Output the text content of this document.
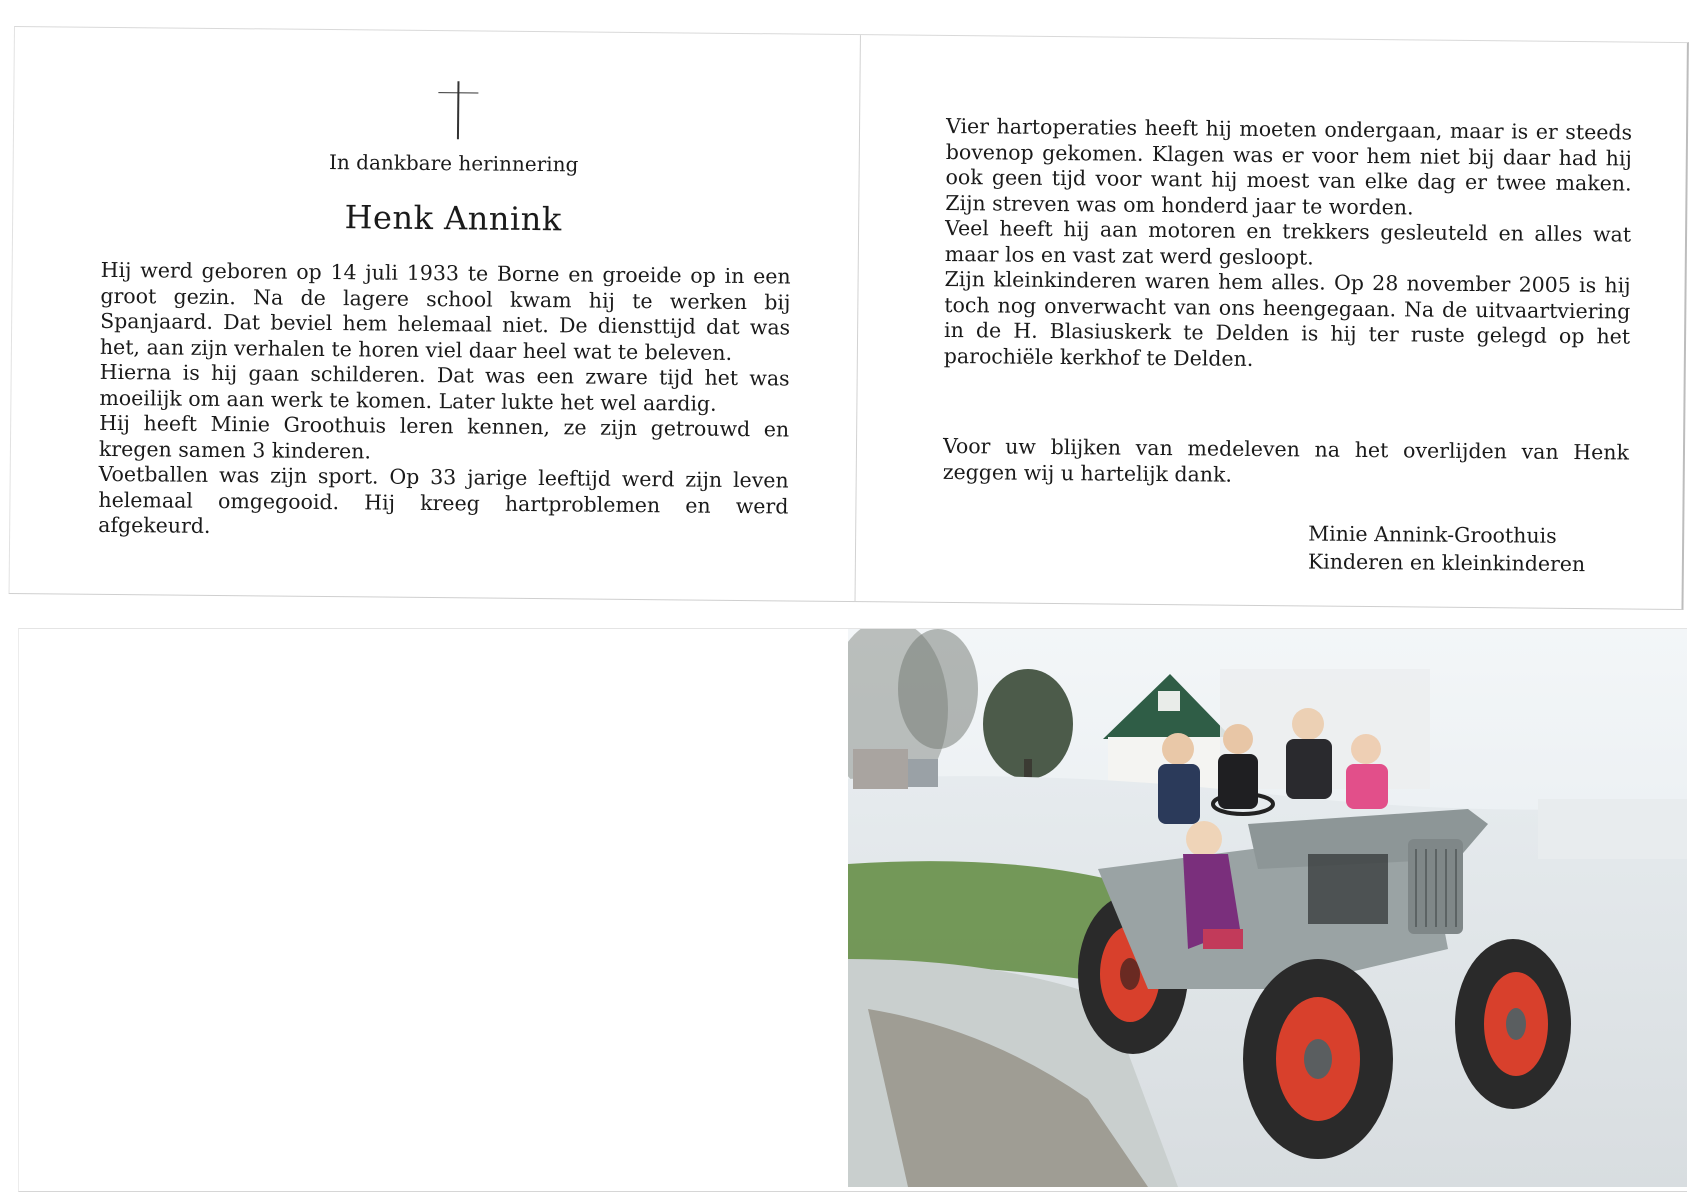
In dankbare herinnering
Henk Annink

Hij werd geboren op 14 juli 1933 te Borne en groeide op in een groot gezin. Na de lagere school kwam hij te werken bij Spanjaard. Dat beviel hem helemaal niet. De diensttijd dat was het, aan zijn verhalen te horen viel daar heel wat te beleven.

Hierna is hij gaan schilderen. Dat was een zware tijd het was moeilijk om aan werk te komen. Later lukte het wel aardig.

Hij heeft Minie Groothuis leren kennen, ze zijn getrouwd en kregen samen 3 kinderen.

Voetballen was zijn sport. Op 33 jarige leeftijd werd zijn leven helemaal omgegooid. Hij kreeg hartproblemen en werd afgekeurd.

Vier hartoperaties heeft hij moeten ondergaan, maar is er steeds bovenop gekomen. Klagen was er voor hem niet bij daar had hij ook geen tijd voor want hij moest van elke dag er twee maken. Zijn streven was om honderd jaar te worden.

Veel heeft hij aan motoren en trekkers gesleuteld en alles wat maar los en vast zat werd gesloopt.

Zijn kleinkinderen waren hem alles. Op 28 november 2005 is hij toch nog onverwacht van ons heengegaan. Na de uitvaartviering in de H. Blasiuskerk te Delden is hij ter ruste gelegd op het parochiële kerkhof te Delden.

Voor uw blijken van medeleven na het overlijden van Henk zeggen wij u hartelijk dank.

Minie Annink-Groothuis
Kinderen en kleinkinderen
